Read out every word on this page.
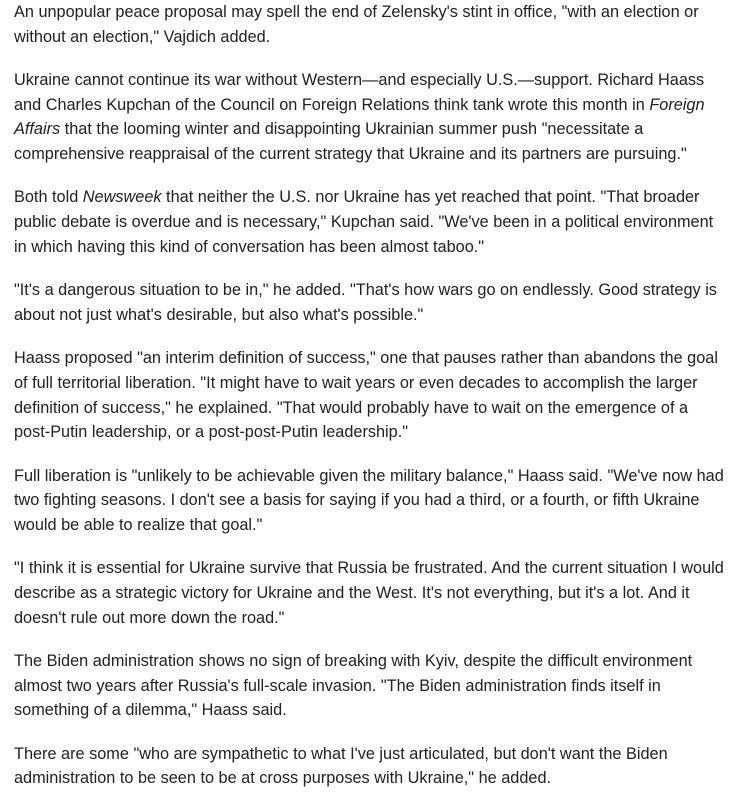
An unpopular peace proposal may spell the end of Zelensky's stint in office, "with an election or without an election," Vajdich added.

Ukraine cannot continue its war without Western—and especially U.S.—support. Richard Haass and Charles Kupchan of the Council on Foreign Relations think tank wrote this month in Foreign Affairs that the looming winter and disappointing Ukrainian summer push "necessitate a comprehensive reappraisal of the current strategy that Ukraine and its partners are pursuing."

Both told Newsweek that neither the U.S. nor Ukraine has yet reached that point. "That broader public debate is overdue and is necessary," Kupchan said. "We've been in a political environment in which having this kind of conversation has been almost taboo."

"It's a dangerous situation to be in," he added. "That's how wars go on endlessly. Good strategy is about not just what's desirable, but also what's possible."

Haass proposed "an interim definition of success," one that pauses rather than abandons the goal of full territorial liberation. "It might have to wait years or even decades to accomplish the larger definition of success," he explained. "That would probably have to wait on the emergence of a post-Putin leadership, or a post-post-Putin leadership."

Full liberation is "unlikely to be achievable given the military balance," Haass said. "We've now had two fighting seasons. I don't see a basis for saying if you had a third, or a fourth, or fifth Ukraine would be able to realize that goal."

"I think it is essential for Ukraine survive that Russia be frustrated. And the current situation I would describe as a strategic victory for Ukraine and the West. It's not everything, but it's a lot. And it doesn't rule out more down the road."

The Biden administration shows no sign of breaking with Kyiv, despite the difficult environment almost two years after Russia's full-scale invasion. "The Biden administration finds itself in something of a dilemma," Haass said.

There are some "who are sympathetic to what I've just articulated, but don't want the Biden administration to be seen to be at cross purposes with Ukraine," he added.
